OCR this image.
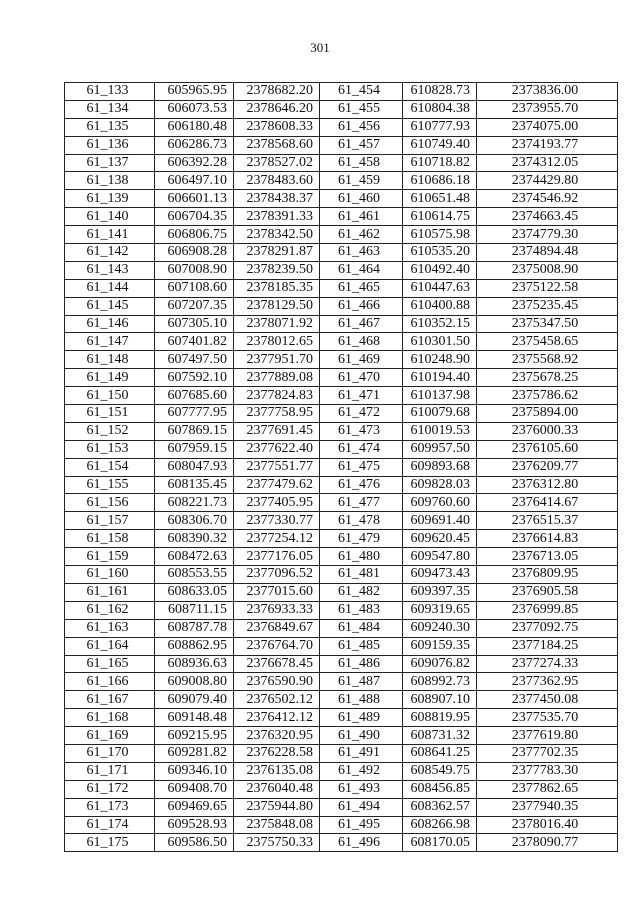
301
61_133	605965.95	2378682.20	61_454	610828.73	2373836.00
61_134	606073.53	2378646.20	61_455	610804.38	2373955.70
61_135	606180.48	2378608.33	61_456	610777.93	2374075.00
61_136	606286.73	2378568.60	61_457	610749.40	2374193.77
61_137	606392.28	2378527.02	61_458	610718.82	2374312.05
61_138	606497.10	2378483.60	61_459	610686.18	2374429.80
61_139	606601.13	2378438.37	61_460	610651.48	2374546.92
61_140	606704.35	2378391.33	61_461	610614.75	2374663.45
61_141	606806.75	2378342.50	61_462	610575.98	2374779.30
61_142	606908.28	2378291.87	61_463	610535.20	2374894.48
61_143	607008.90	2378239.50	61_464	610492.40	2375008.90
61_144	607108.60	2378185.35	61_465	610447.63	2375122.58
61_145	607207.35	2378129.50	61_466	610400.88	2375235.45
61_146	607305.10	2378071.92	61_467	610352.15	2375347.50
61_147	607401.82	2378012.65	61_468	610301.50	2375458.65
61_148	607497.50	2377951.70	61_469	610248.90	2375568.92
61_149	607592.10	2377889.08	61_470	610194.40	2375678.25
61_150	607685.60	2377824.83	61_471	610137.98	2375786.62
61_151	607777.95	2377758.95	61_472	610079.68	2375894.00
61_152	607869.15	2377691.45	61_473	610019.53	2376000.33
61_153	607959.15	2377622.40	61_474	609957.50	2376105.60
61_154	608047.93	2377551.77	61_475	609893.68	2376209.77
61_155	608135.45	2377479.62	61_476	609828.03	2376312.80
61_156	608221.73	2377405.95	61_477	609760.60	2376414.67
61_157	608306.70	2377330.77	61_478	609691.40	2376515.37
61_158	608390.32	2377254.12	61_479	609620.45	2376614.83
61_159	608472.63	2377176.05	61_480	609547.80	2376713.05
61_160	608553.55	2377096.52	61_481	609473.43	2376809.95
61_161	608633.05	2377015.60	61_482	609397.35	2376905.58
61_162	608711.15	2376933.33	61_483	609319.65	2376999.85
61_163	608787.78	2376849.67	61_484	609240.30	2377092.75
61_164	608862.95	2376764.70	61_485	609159.35	2377184.25
61_165	608936.63	2376678.45	61_486	609076.82	2377274.33
61_166	609008.80	2376590.90	61_487	608992.73	2377362.95
61_167	609079.40	2376502.12	61_488	608907.10	2377450.08
61_168	609148.48	2376412.12	61_489	608819.95	2377535.70
61_169	609215.95	2376320.95	61_490	608731.32	2377619.80
61_170	609281.82	2376228.58	61_491	608641.25	2377702.35
61_171	609346.10	2376135.08	61_492	608549.75	2377783.30
61_172	609408.70	2376040.48	61_493	608456.85	2377862.65
61_173	609469.65	2375944.80	61_494	608362.57	2377940.35
61_174	609528.93	2375848.08	61_495	608266.98	2378016.40
61_175	609586.50	2375750.33	61_496	608170.05	2378090.77
